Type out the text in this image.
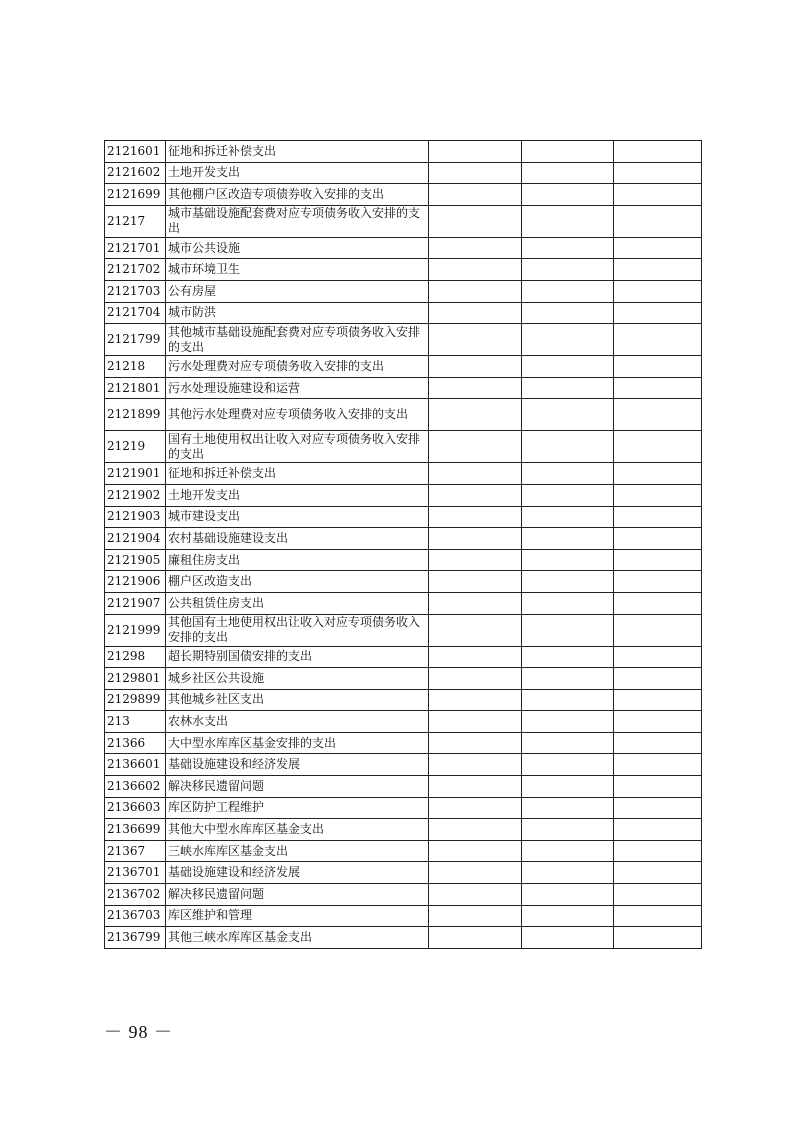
2121601	征地和拆迁补偿支出			
2121602	土地开发支出			
2121699	其他棚户区改造专项债券收入安排的支出			
21217	城市基础设施配套费对应专项债务收入安排的支出			
2121701	城市公共设施			
2121702	城市环境卫生			
2121703	公有房屋			
2121704	城市防洪			
2121799	其他城市基础设施配套费对应专项债务收入安排的支出			
21218	污水处理费对应专项债务收入安排的支出			
2121801	污水处理设施建设和运营			
2121899	其他污水处理费对应专项债务收入安排的支出			
21219	国有土地使用权出让收入对应专项债务收入安排的支出			
2121901	征地和拆迁补偿支出			
2121902	土地开发支出			
2121903	城市建设支出			
2121904	农村基础设施建设支出			
2121905	廉租住房支出			
2121906	棚户区改造支出			
2121907	公共租赁住房支出			
2121999	其他国有土地使用权出让收入对应专项债务收入安排的支出			
21298	超长期特别国债安排的支出			
2129801	城乡社区公共设施			
2129899	其他城乡社区支出			
213	农林水支出			
21366	大中型水库库区基金安排的支出			
2136601	基础设施建设和经济发展			
2136602	解决移民遗留问题			
2136603	库区防护工程维护			
2136699	其他大中型水库库区基金支出			
21367	三峡水库库区基金支出			
2136701	基础设施建设和经济发展			
2136702	解决移民遗留问题			
2136703	库区维护和管理			
2136799	其他三峡水库库区基金支出			
－ 98 －
